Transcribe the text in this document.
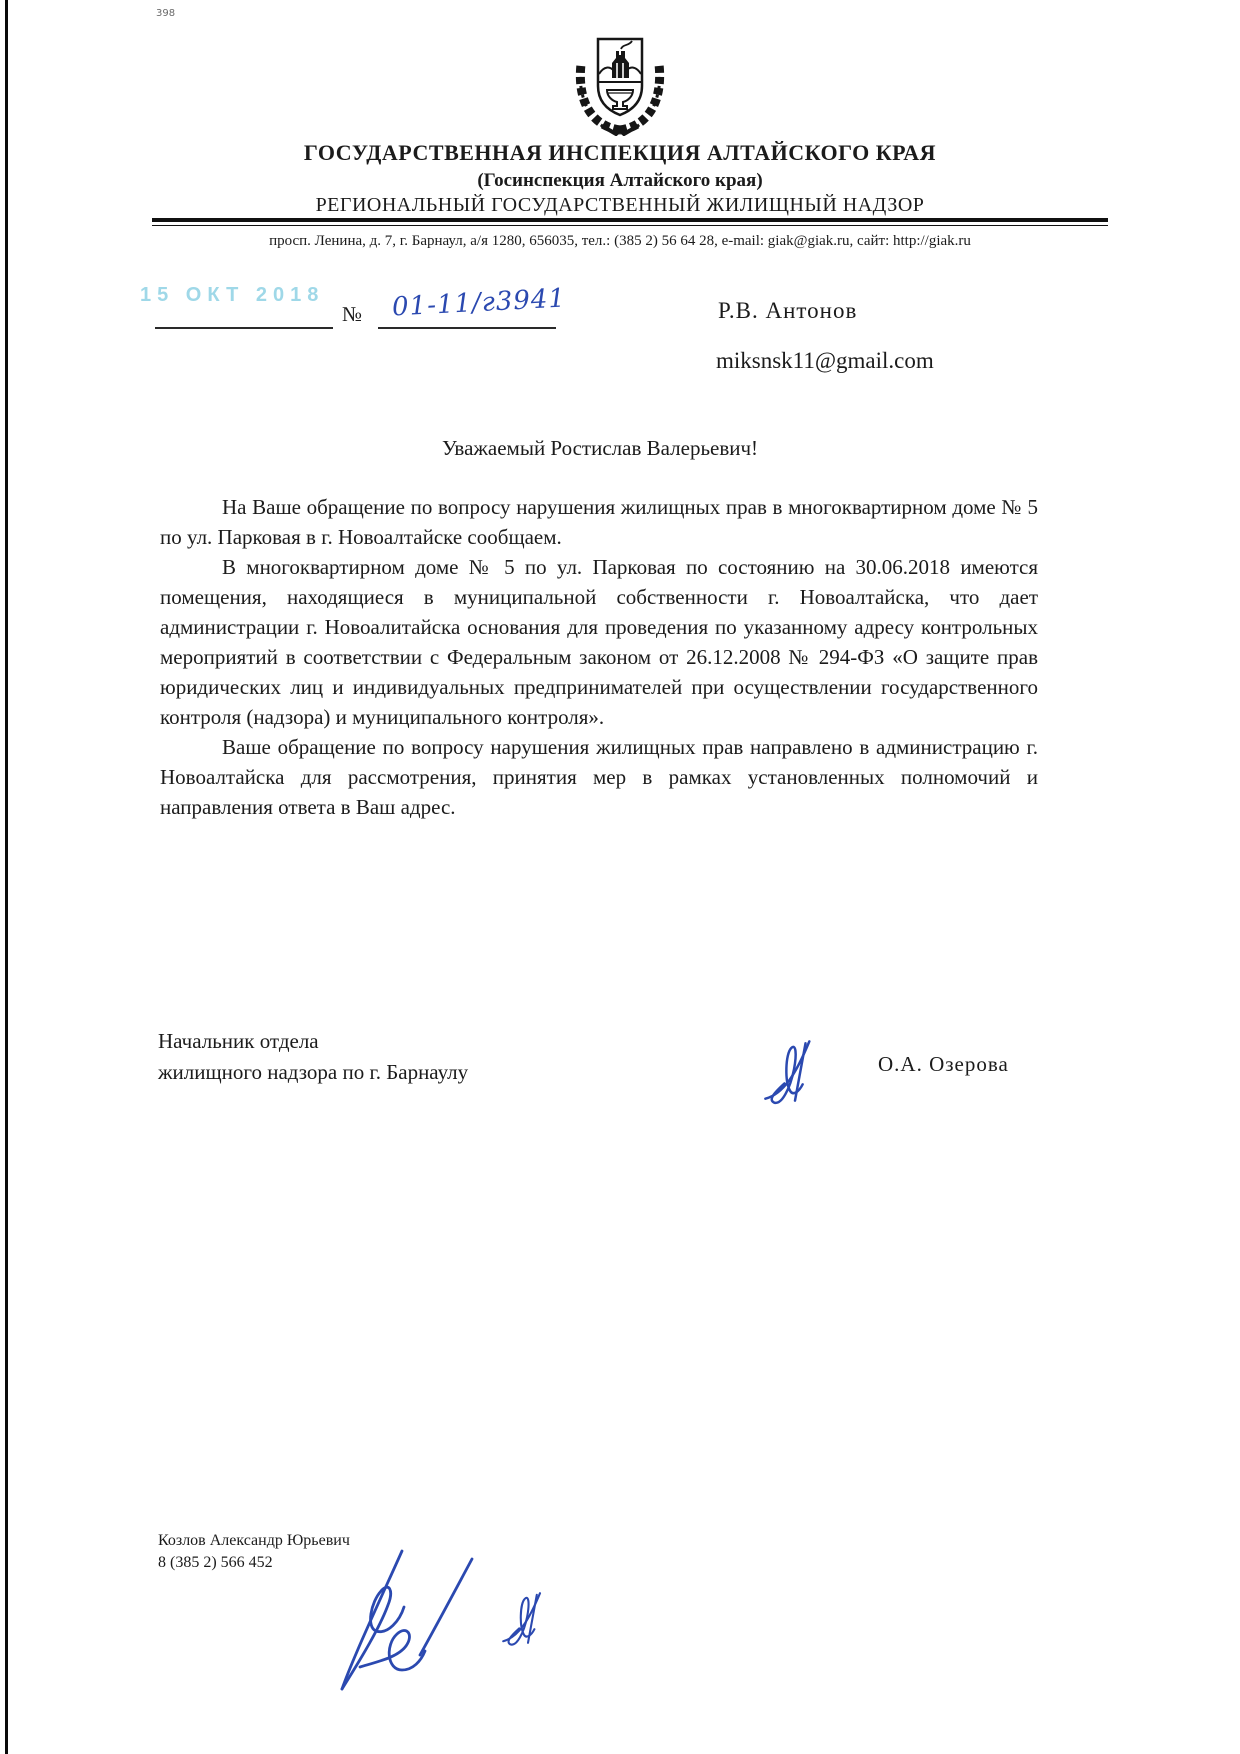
398
ГОСУДАРСТВЕННАЯ ИНСПЕКЦИЯ АЛТАЙСКОГО КРАЯ
(Госинспекция Алтайского края)
РЕГИОНАЛЬНЫЙ ГОСУДАРСТВЕННЫЙ ЖИЛИЩНЫЙ НАДЗОР
просп. Ленина, д. 7, г. Барнаул, а/я 1280, 656035, тел.: (385 2) 56 64 28, e-mail: giak@giak.ru, сайт: http://giak.ru
15 ОКТ 2018
№ 01-11/г3941	Р.В. Антонов
miksnsk11@gmail.com
Уважаемый Ростислав Валерьевич!

На Ваше обращение по вопросу нарушения жилищных прав в многоквартирном доме № 5 по ул. Парковая в г. Новоалтайске сообщаем.

В многоквартирном доме № 5 по ул. Парковая по состоянию на 30.06.2018 имеются помещения, находящиеся в муниципальной собственности г. Новоалтайска, что дает администрации г. Новоалитайска основания для проведения по указанному адресу контрольных мероприятий в соответствии с Федеральным законом от 26.12.2008 № 294-ФЗ «О защите прав юридических лиц и индивидуальных предпринимателей при осуществлении государственного контроля (надзора) и муниципального контроля».

Ваше обращение по вопросу нарушения жилищных прав направлено в администрацию г. Новоалтайска для рассмотрения, принятия мер в рамках установленных полномочий и направления ответа в Ваш адрес.

Начальник отдела
жилищного надзора по г. Барнаулу	О.А. Озерова
Козлов Александр Юрьевич
8 (385 2) 566 452
